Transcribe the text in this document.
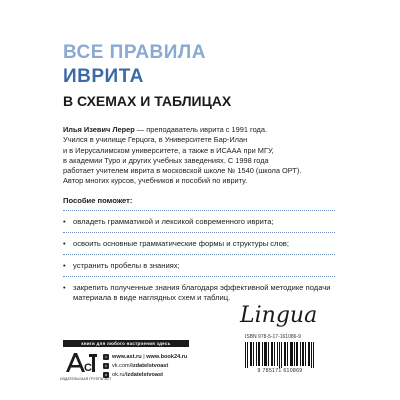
ВСЕ ПРАВИЛА
ИВРИТА
В СХЕМАХ И ТАБЛИЦАХ

Илья Изевич Лерер — преподаватель иврита с 1991 года.

Учился в училище Герцога, в Университете Бар-Илан

и в Иерусалимском университете, а также в ИСААА при МГУ,

в академии Туро и других учебных заведениях. С 1998 года

работает учителем иврита в московской школе № 1540 (школа ОРТ).

Автор многих курсов, учебников и пособий по ивриту.

Пособие поможет:
• овладеть грамматикой и лексикой современного иврита;
• освоить основные грамматические формы и структуры слов;
• устранить пробелы в знаниях;
• закрепить полученные знания благодаря эффективной методике подачи материала в виде наглядных схем и таблиц.
Lingua
ISBN 978-5-17-161086-9
9 785171 610869
книги для любого настроения здесь
C
ИЗДАТЕЛЬСКАЯ ГРУППА АСТ
⌂ www.ast.ru | www.book24.ru
v vk.com/ izdatelstvoast
o ok.ru/ izdatelstvoast
